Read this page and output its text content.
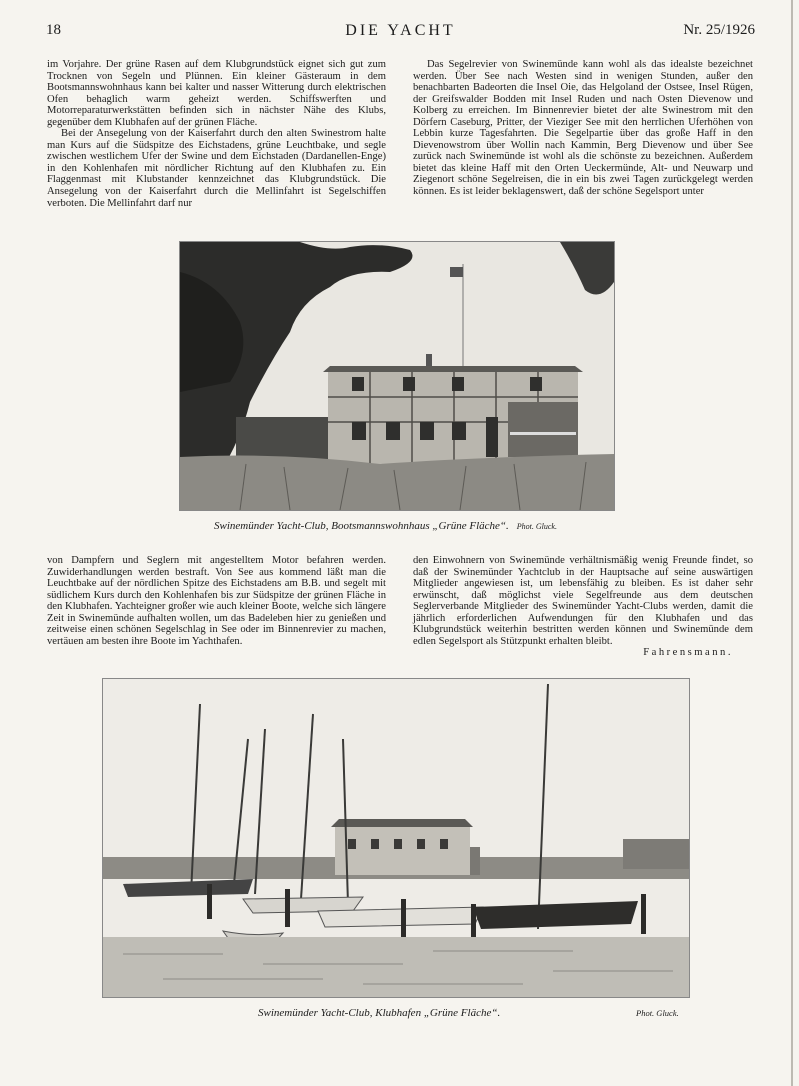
18	DIE YACHT	Nr. 25/1926

im Vorjahre. Der grüne Rasen auf dem Klubgrundstück eignet sich gut zum Trocknen von Segeln und Plünnen. Ein kleiner Gästeraum in dem Bootsmannswohnhaus kann bei kalter und nasser Witterung durch elektrischen Ofen behaglich warm geheizt werden. Schiffswerften und Motorreparaturwerkstätten befinden sich in nächster Nähe des Klubs, gegenüber dem Klubhafen auf der grünen Fläche.

Bei der Ansegelung von der Kaiserfahrt durch den alten Swinestrom halte man Kurs auf die Südspitze des Eichstadens, grüne Leuchtbake, und segle zwischen westlichem Ufer der Swine und dem Eichstaden (Dardanellen-Enge) in den Kohlenhafen mit nördlicher Richtung auf den Klubhafen zu. Ein Flaggenmast mit Klubstander kennzeichnet das Klubgrundstück. Die Ansegelung von der Kaiserfahrt durch die Mellinfahrt ist Segelschiffen verboten. Die Mellinfahrt darf nur

Das Segelrevier von Swinemünde kann wohl als das idealste bezeichnet werden. Über See nach Westen sind in wenigen Stunden, außer den benachbarten Badeorten die Insel Oie, das Helgoland der Ostsee, Insel Rügen, der Greifswalder Bodden mit Insel Ruden und nach Osten Dievenow und Kolberg zu erreichen. Im Binnenrevier bietet der alte Swinestrom mit den Dörfern Caseburg, Pritter, der Vieziger See mit den herrlichen Uferhöhen von Lebbin kurze Tagesfahrten. Die Segelpartie über das große Haff in den Dievenowstrom über Wollin nach Kammin, Berg Dievenow und über See zurück nach Swinemünde ist wohl als die schönste zu bezeichnen. Außerdem bietet das kleine Haff mit den Orten Ueckermünde, Alt- und Neuwarp und Ziegenort schöne Segelreisen, die in ein bis zwei Tagen zurückgelegt werden können. Es ist leider beklagenswert, daß der schöne Segelsport unter

Swinemünder Yacht-Club, Bootsmannswohnhaus „Grüne Fläche“. Phot. Gluck.

von Dampfern und Seglern mit angestelltem Motor befahren werden. Zuwiderhandlungen werden bestraft. Von See aus kommend läßt man die Leuchtbake auf der nördlichen Spitze des Eichstadens am B.B. und segelt mit südlichem Kurs durch den Kohlenhafen bis zur Südspitze der grünen Fläche in den Klubhafen. Yachteigner großer wie auch kleiner Boote, welche sich längere Zeit in Swinemünde aufhalten wollen, um das Badeleben hier zu genießen und zeitweise einen schönen Segelschlag in See oder im Binnenrevier zu machen, vertäuen am besten ihre Boote im Yachthafen.

den Einwohnern von Swinemünde verhältnismäßig wenig Freunde findet, so daß der Swinemünder Yachtclub in der Hauptsache auf seine auswärtigen Mitglieder angewiesen ist, um lebensfähig zu bleiben. Es ist daher sehr erwünscht, daß möglichst viele Segelfreunde aus dem deutschen Seglerverbande Mitglieder des Swinemünder Yacht-Clubs werden, damit die jährlich erforderlichen Aufwendungen für den Klubhafen und das Klubgrundstück weiterhin bestritten werden können und Swinemünde dem edlen Segelsport als Stützpunkt erhalten bleibt.

Fahrensmann.

Swinemünder Yacht-Club, Klubhafen „Grüne Fläche“.	Phot. Gluck.
